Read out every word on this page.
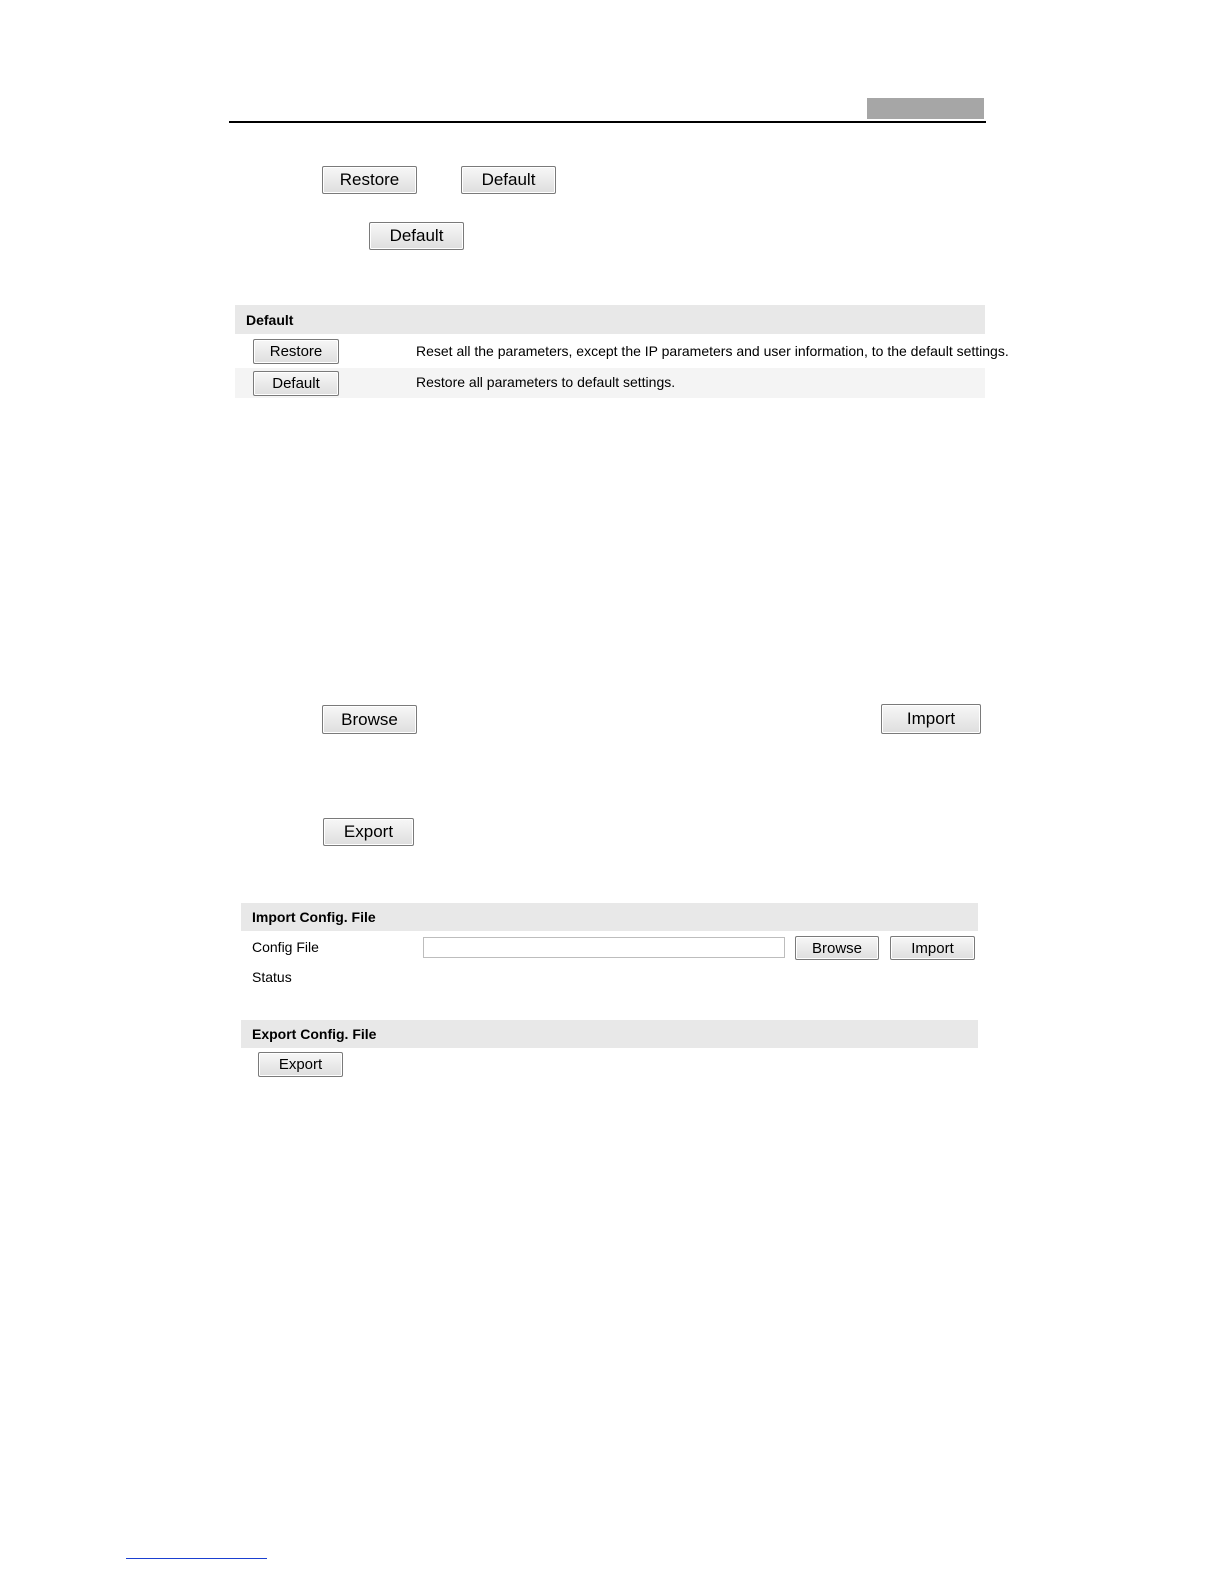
Restore	Default
Default
Default
Restore	Reset all the parameters, except the IP parameters and user information, to the default settings.
Default	Restore all parameters to default settings.
Browse	Import
Export
Import Config. File
Config File	Browse	Import
Status
Export Config. File
Export
